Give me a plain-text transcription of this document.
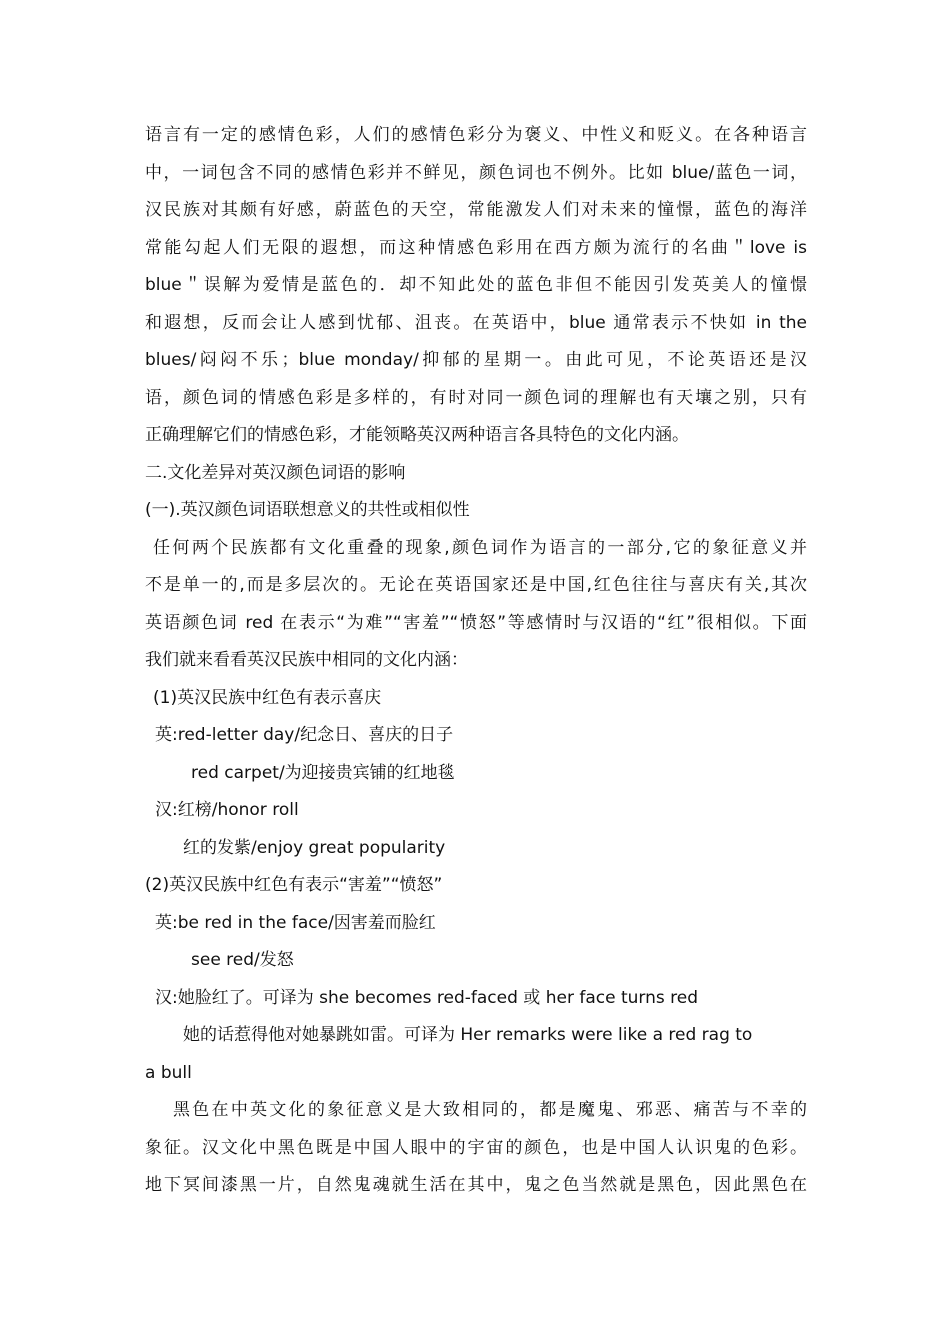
语言有一定的感情色彩，人们的感情色彩分为褒义、中性义和贬义。在各种语言
中，一词包含不同的感情色彩并不鲜见，颜色词也不例外。比如 blue/蓝色一词，
汉民族对其颇有好感，蔚蓝色的天空，常能激发人们对未来的憧憬，蓝色的海洋
常能勾起人们无限的遐想，而这种情感色彩用在西方颇为流行的名曲＂love is
blue＂误解为爱情是蓝色的．却不知此处的蓝色非但不能因引发英美人的憧憬
和遐想，反而会让人感到忧郁、沮丧。在英语中，blue 通常表示不快如 in the
blues/闷闷不乐；blue monday/抑郁的星期一。由此可见，不论英语还是汉
语，颜色词的情感色彩是多样的，有时对同一颜色词的理解也有天壤之别，只有
正确理解它们的情感色彩，才能领略英汉两种语言各具特色的文化内涵。
二.文化差异对英汉颜色词语的影响
(一).英汉颜色词语联想意义的共性或相似性
任何两个民族都有文化重叠的现象,颜色词作为语言的一部分,它的象征意义并
不是单一的,而是多层次的。无论在英语国家还是中国,红色往往与喜庆有关,其次
英语颜色词 red 在表示“为难”“害羞”“愤怒”等感情时与汉语的“红”很相似。下面
我们就来看看英汉民族中相同的文化内涵：
(1)英汉民族中红色有表示喜庆
英:red-letter day/纪念日、喜庆的日子
red carpet/为迎接贵宾铺的红地毯
汉:红榜/honor roll
红的发紫/enjoy great popularity
(2)英汉民族中红色有表示“害羞”“愤怒”
英:be red in the face/因害羞而脸红
see red/发怒
汉:她脸红了。可译为 she becomes red-faced 或 her face turns red
她的话惹得他对她暴跳如雷。可译为 Her remarks were like a red rag to
a bull
黑色在中英文化的象征意义是大致相同的，都是魔鬼、邪恶、痛苦与不幸的
象征。汉文化中黑色既是中国人眼中的宇宙的颜色，也是中国人认识鬼的色彩。
地下冥间漆黑一片，自然鬼魂就生活在其中，鬼之色当然就是黑色，因此黑色在
